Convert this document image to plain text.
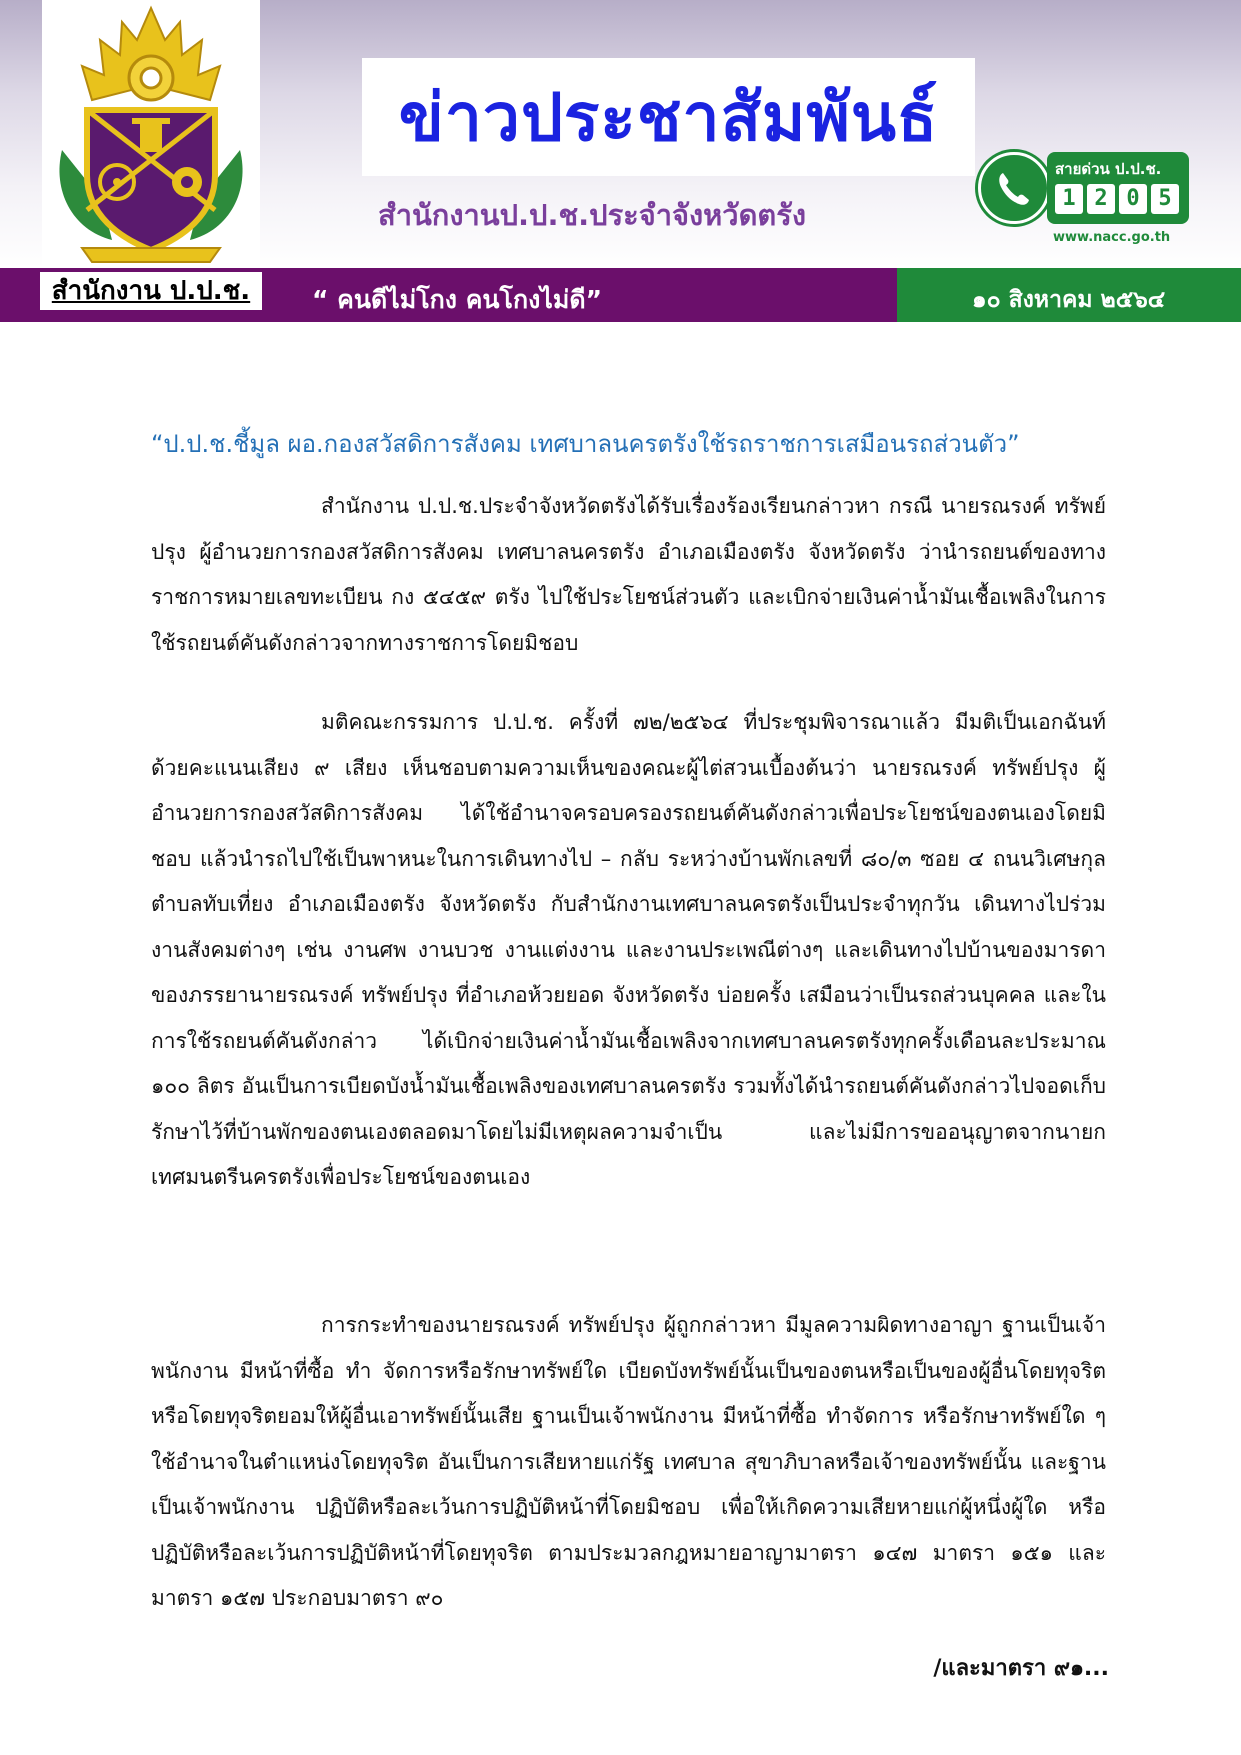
ข่าวประชาสัมพันธ์
สำนักงานป.ป.ช.ประจำจังหวัดตรัง
สายด่วน ป.ป.ช.
1 2 0 5
www.nacc.go.th
สำนักงาน ป.ป.ช.	“ คนดีไม่โกง คนโกงไม่ดี”	๑๐ สิงหาคม ๒๕๖๔
“ป.ป.ช.ชี้มูล ผอ.กองสวัสดิการสังคม เทศบาลนครตรังใช้รถราชการเสมือนรถส่วนตัว”

สำนักงาน ป.ป.ช.ประจำจังหวัดตรังได้รับเรื่องร้องเรียนกล่าวหา กรณี นายรณรงค์ ทรัพย์ปรุง ผู้อำนวยการกองสวัสดิการสังคม เทศบาลนครตรัง อำเภอเมืองตรัง จังหวัดตรัง ว่านำรถยนต์ของทางราชการหมายเลขทะเบียน กง ๕๔๕๙ ตรัง ไปใช้ประโยชน์ส่วนตัว และเบิกจ่ายเงินค่าน้ำมันเชื้อเพลิงในการใช้รถยนต์คันดังกล่าวจากทางราชการโดยมิชอบ

มติคณะกรรมการ ป.ป.ช. ครั้งที่ ๗๒/๒๕๖๔ ที่ประชุมพิจารณาแล้ว มีมติเป็นเอกฉันท์ ด้วยคะแนนเสียง ๙ เสียง เห็นชอบตามความเห็นของคณะผู้ไต่สวนเบื้องต้นว่า นายรณรงค์ ทรัพย์ปรุง ผู้อำนวยการกองสวัสดิการสังคม ได้ใช้อำนาจครอบครองรถยนต์คันดังกล่าวเพื่อประโยชน์ของตนเองโดยมิชอบ แล้วนำรถไปใช้เป็นพาหนะในการเดินทางไป – กลับ ระหว่างบ้านพักเลขที่ ๘๐/๓ ซอย ๔ ถนนวิเศษกุล ตำบลทับเที่ยง อำเภอเมืองตรัง จังหวัดตรัง กับสำนักงานเทศบาลนครตรังเป็นประจำทุกวัน เดินทางไปร่วมงานสังคมต่างๆ เช่น งานศพ งานบวช งานแต่งงาน และงานประเพณีต่างๆ และเดินทางไปบ้านของมารดาของภรรยานายรณรงค์ ทรัพย์ปรุง ที่อำเภอห้วยยอด จังหวัดตรัง บ่อยครั้ง เสมือนว่าเป็นรถส่วนบุคคล และในการใช้รถยนต์คันดังกล่าว ได้เบิกจ่ายเงินค่าน้ำมันเชื้อเพลิงจากเทศบาลนครตรังทุกครั้งเดือนละประมาณ ๑๐๐ ลิตร อันเป็นการเบียดบังน้ำมันเชื้อเพลิงของเทศบาลนครตรัง รวมทั้งได้นำรถยนต์คันดังกล่าวไปจอดเก็บรักษาไว้ที่บ้านพักของตนเองตลอดมาโดยไม่มีเหตุผลความจำเป็น และไม่มีการขออนุญาตจากนายกเทศมนตรีนครตรังเพื่อประโยชน์ของตนเอง

การกระทำของนายรณรงค์ ทรัพย์ปรุง ผู้ถูกกล่าวหา มีมูลความผิดทางอาญา ฐานเป็นเจ้าพนักงาน มีหน้าที่ซื้อ ทำ จัดการหรือรักษาทรัพย์ใด เบียดบังทรัพย์นั้นเป็นของตนหรือเป็นของผู้อื่นโดยทุจริต หรือโดยทุจริตยอมให้ผู้อื่นเอาทรัพย์นั้นเสีย ฐานเป็นเจ้าพนักงาน มีหน้าที่ซื้อ ทำจัดการ หรือรักษาทรัพย์ใด ๆ ใช้อำนาจในตำแหน่งโดยทุจริต อันเป็นการเสียหายแก่รัฐ เทศบาล สุขาภิบาลหรือเจ้าของทรัพย์นั้น และฐานเป็นเจ้าพนักงาน ปฏิบัติหรือละเว้นการปฏิบัติหน้าที่โดยมิชอบ เพื่อให้เกิดความเสียหายแก่ผู้หนึ่งผู้ใด หรือปฏิบัติหรือละเว้นการปฏิบัติหน้าที่โดยทุจริต ตามประมวลกฎหมายอาญามาตรา ๑๔๗ มาตรา ๑๕๑ และมาตรา ๑๕๗ ประกอบมาตรา ๙๐

/และมาตรา ๙๑...
